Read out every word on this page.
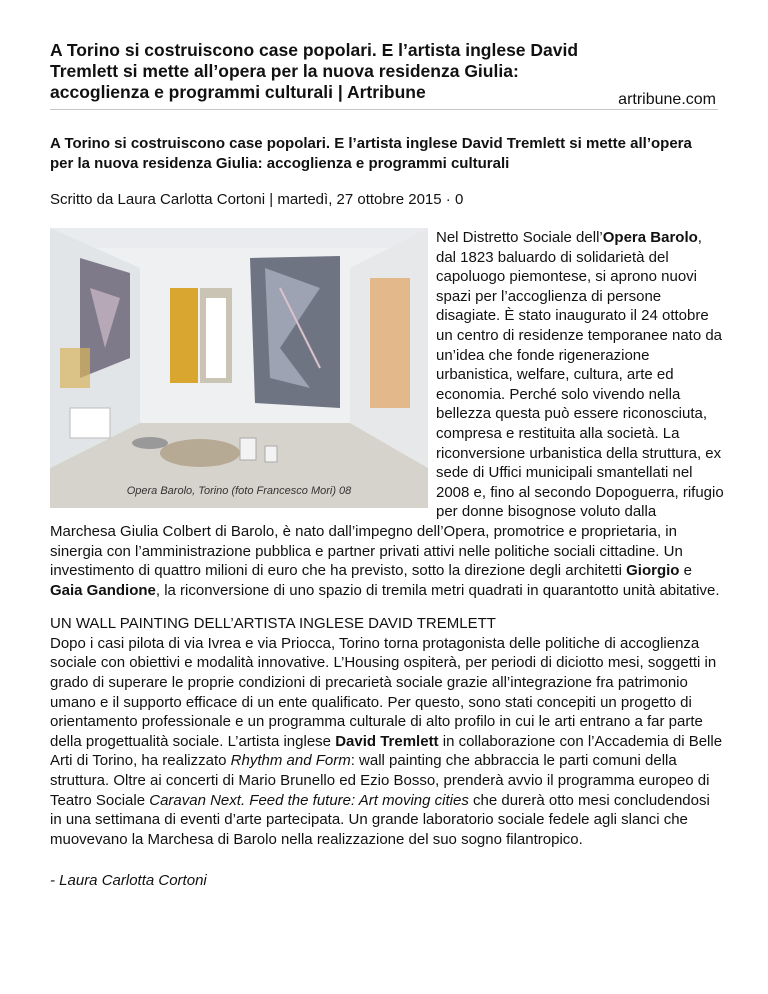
A Torino si costruiscono case popolari. E l’artista inglese David Tremlett si mette all’opera per la nuova residenza Giulia: accoglienza e programmi culturali | Artribune	artribune.com
A Torino si costruiscono case popolari. E l’artista inglese David Tremlett si mette all’opera per la nuova residenza Giulia: accoglienza e programmi culturali
Scritto da Laura Carlotta Cortoni | martedì, 27 ottobre 2015 · 0
Opera Barolo, Torino (foto Francesco Mori) 08

Nel Distretto Sociale dell’Opera Barolo, dal 1823 baluardo di solidarietà del capoluogo piemontese, si aprono nuovi spazi per l’accoglienza di persone disagiate. È stato inaugurato il 24 ottobre un centro di residenze temporanee nato da un’idea che fonde rigenerazione urbanistica, welfare, cultura, arte ed economia. Perché solo vivendo nella bellezza questa può essere riconosciuta, compresa e restituita alla società. La riconversione urbanistica della struttura, ex sede di Uffici municipali smantellati nel 2008 e, fino al secondo Dopoguerra, rifugio per donne bisognose voluto dalla Marchesa Giulia Colbert di Barolo, è nato dall’impegno dell’Opera, promotrice e proprietaria, in sinergia con l’amministrazione pubblica e partner privati attivi nelle politiche sociali cittadine. Un investimento di quattro milioni di euro che ha previsto, sotto la direzione degli architetti Giorgio e Gaia Gandione, la riconversione di uno spazio di tremila metri quadrati in quarantotto unità abitative.

UN WALL PAINTING DELL’ARTISTA INGLESE DAVID TREMLETT

Dopo i casi pilota di via Ivrea e via Priocca, Torino torna protagonista delle politiche di accoglienza sociale con obiettivi e modalità innovative. L’Housing ospiterà, per periodi di diciotto mesi, soggetti in grado di superare le proprie condizioni di precarietà sociale grazie all’integrazione fra patrimonio umano e il supporto efficace di un ente qualificato. Per questo, sono stati concepiti un progetto di orientamento professionale e un programma culturale di alto profilo in cui le arti entrano a far parte della progettualità sociale. L’artista inglese David Tremlett in collaborazione con l’Accademia di Belle Arti di Torino, ha realizzato Rhythm and Form: wall painting che abbraccia le parti comuni della struttura. Oltre ai concerti di Mario Brunello ed Ezio Bosso, prenderà avvio il programma europeo di Teatro Sociale Caravan Next. Feed the future: Art moving cities che durerà otto mesi concludendosi in una settimana di eventi d’arte partecipata. Un grande laboratorio sociale fedele agli slanci che muovevano la Marchesa di Barolo nella realizzazione del suo sogno filantropico.

- Laura Carlotta Cortoni
